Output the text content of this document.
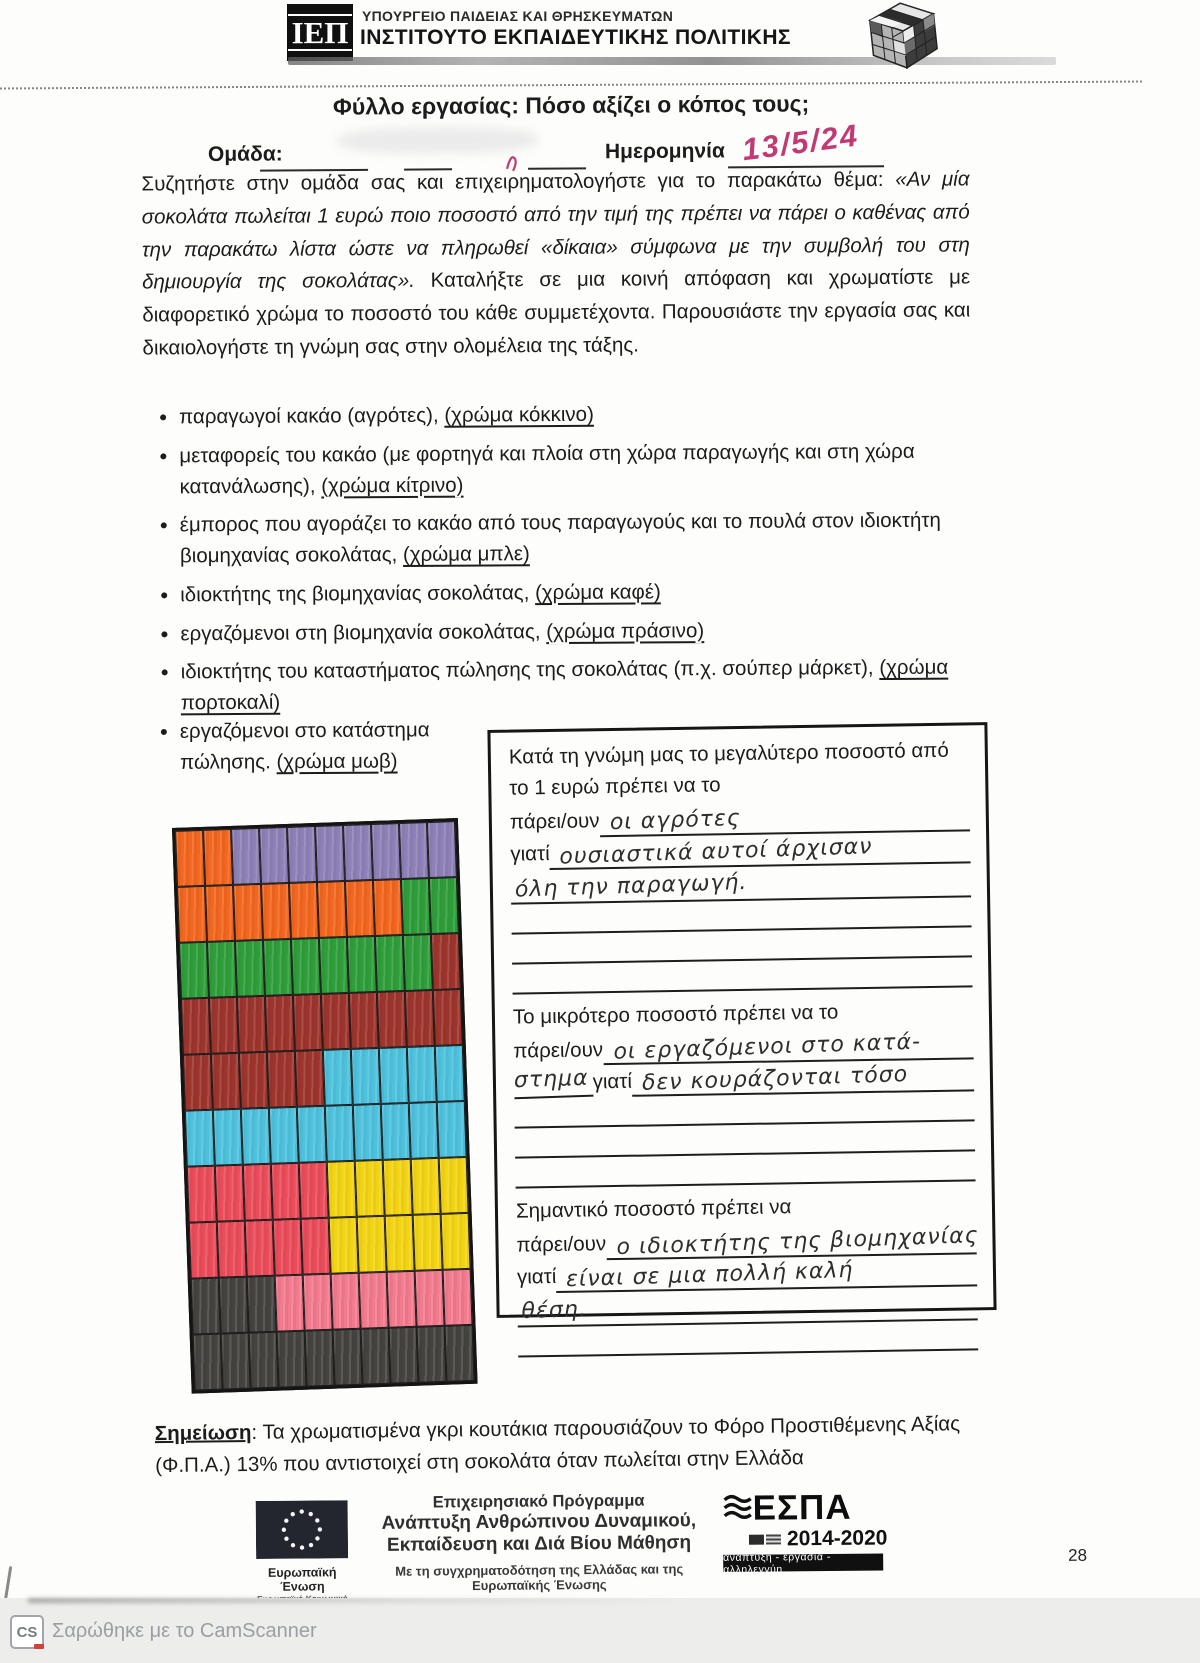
ΙΕΠ ΥΠΟΥΡΓΕΙΟ ΠΑΙΔΕΙΑΣ ΚΑΙ ΘΡΗΣΚΕΥΜΑΤΩΝ
ΙΝΣΤΙΤΟΥΤΟ ΕΚΠΑΙΔΕΥΤΙΚΗΣ ΠΟΛΙΤΙΚΗΣ
Φύλλο εργασίας: Πόσο αξίζει ο κόπος τους;
Ομάδα:	Ημερομηνία 13/5/24
Συζητήστε στην ομάδα σας και επιχειρηματολογήστε για το παρακάτω θέμα: «Αν μία σοκολάτα πωλείται 1 ευρώ ποιο ποσοστό από την τιμή της πρέπει να πάρει ο καθένας από την παρακάτω λίστα ώστε να πληρωθεί «δίκαια» σύμφωνα με την συμβολή του στη δημιουργία της σοκολάτας». Καταλήξτε σε μια κοινή απόφαση και χρωματίστε με διαφορετικό χρώμα το ποσοστό του κάθε συμμετέχοντα. Παρουσιάστε την εργασία σας και δικαιολογήστε τη γνώμη σας στην ολομέλεια της τάξης.
• παραγωγοί κακάο (αγρότες), (χρώμα κόκκινο)
• μεταφορείς του κακάο (με φορτηγά και πλοία στη χώρα παραγωγής και στη χώρα κατανάλωσης), (χρώμα κίτρινο)
• έμπορος που αγοράζει το κακάο από τους παραγωγούς και το πουλά στον ιδιοκτήτη βιομηχανίας σοκολάτας, (χρώμα μπλε)
• ιδιοκτήτης της βιομηχανίας σοκολάτας, (χρώμα καφέ)
• εργαζόμενοι στη βιομηχανία σοκολάτας, (χρώμα πράσινο)
• ιδιοκτήτης του καταστήματος πώλησης της σοκολάτας (π.χ. σούπερ μάρκετ), (χρώμα πορτοκαλί)
• εργαζόμενοι στο κατάστημα πώλησης. (χρώμα μωβ)	Κατά τη γνώμη μας το μεγαλύτερο ποσοστό από το 1 ευρώ πρέπει να το

πάρει/ουν οι αγρότες
γιατί ουσιαστικά αυτοί άρχισαν
όλη την παραγωγή.

Το μικρότερο ποσοστό πρέπει να το

πάρει/ουν οι εργαζόμενοι στο κατά-
στημα γιατί δεν κουράζονται τόσο

Σημαντικό ποσοστό πρέπει να

πάρει/ουν ο ιδιοκτήτης της βιομηχανίας
γιατί είναι σε μια πολλή καλή
θέση.
Σημείωση: Τα χρωματισμένα γκρι κουτάκια παρουσιάζουν το Φόρο Προστιθέμενης Αξίας (Φ.Π.Α.) 13% που αντιστοιχεί στη σοκολάτα όταν πωλείται στην Ελλάδα
Ευρωπαϊκή Ένωση
Επιχειρησιακό Πρόγραμμα
Ανάπτυξη Ανθρώπινου Δυναμικού,
Εκπαίδευση και Διά Βίου Μάθηση
Με τη συγχρηματοδότηση της Ελλάδας και της Ευρωπαϊκής Ένωσης
ΕΣΠΑ
2014-2020
ανάπτυξη - εργασία - αλληλεγγύη
28
CS Σαρώθηκε με το CamScanner
